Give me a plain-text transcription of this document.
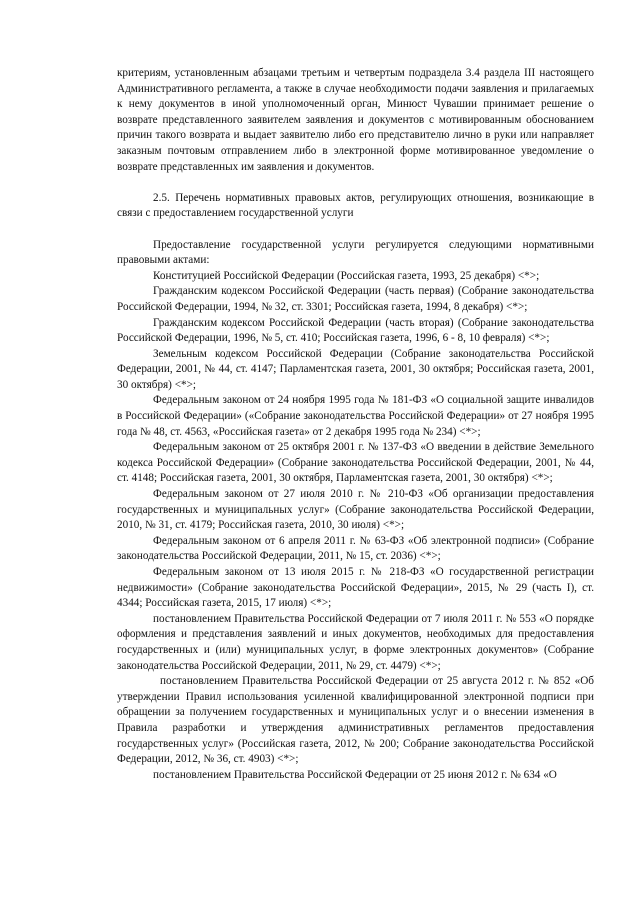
критериям, установленным абзацами третьим и четвертым подраздела 3.4 раздела III настоящего Административного регламента, а также в случае необходимости подачи заявления и прилагаемых к нему документов в иной уполномоченный орган, Минюст Чувашии принимает решение о возврате представленного заявителем заявления и документов с мотивированным обоснованием причин такого возврата и выдает заявителю либо его представителю лично в руки или направляет заказным почтовым отправлением либо в электронной форме мотивированное уведомление о возврате представленных им заявления и документов.

2.5. Перечень нормативных правовых актов, регулирующих отношения, возникающие в связи с предоставлением государственной услуги

Предоставление государственной услуги регулируется следующими нормативными правовыми актами:

Конституцией Российской Федерации (Российская газета, 1993, 25 декабря) <*>;

Гражданским кодексом Российской Федерации (часть первая) (Собрание законодательства Российской Федерации, 1994, № 32, ст. 3301; Российская газета, 1994, 8 декабря) <*>;

Гражданским кодексом Российской Федерации (часть вторая) (Собрание законодательства Российской Федерации, 1996, № 5, ст. 410; Российская газета, 1996, 6 - 8, 10 февраля) <*>;

Земельным кодексом Российской Федерации (Собрание законодательства Российской Федерации, 2001, № 44, ст. 4147; Парламентская газета, 2001, 30 октября; Российская газета, 2001, 30 октября) <*>;

Федеральным законом от 24 ноября 1995 года № 181-ФЗ «О социальной защите инвалидов в Российской Федерации» («Собрание законодательства Российской Федерации» от 27 ноября 1995 года № 48, ст. 4563, «Российская газета» от 2 декабря 1995 года № 234) <*>;

Федеральным законом от 25 октября 2001 г. № 137-ФЗ «О введении в действие Земельного кодекса Российской Федерации» (Собрание законодательства Российской Федерации, 2001, № 44, ст. 4148; Российская газета, 2001, 30 октября, Парламентская газета, 2001, 30 октября) <*>;

Федеральным законом от 27 июля 2010 г. № 210-ФЗ «Об организации предоставления государственных и муниципальных услуг» (Собрание законодательства Российской Федерации, 2010, № 31, ст. 4179; Российская газета, 2010, 30 июля) <*>;

Федеральным законом от 6 апреля 2011 г. № 63-ФЗ «Об электронной подписи» (Собрание законодательства Российской Федерации, 2011, № 15, ст. 2036) <*>;

Федеральным законом от 13 июля 2015 г. № 218-ФЗ «О государственной регистрации недвижимости» (Собрание законодательства Российской Федерации», 2015, № 29 (часть I), ст. 4344; Российская газета, 2015, 17 июля) <*>;

постановлением Правительства Российской Федерации от 7 июля 2011 г. № 553 «О порядке оформления и представления заявлений и иных документов, необходимых для предоставления государственных и (или) муниципальных услуг, в форме электронных документов» (Собрание законодательства Российской Федерации, 2011, № 29, ст. 4479) <*>;

постановлением Правительства Российской Федерации от 25 августа 2012 г. № 852 «Об утверждении Правил использования усиленной квалифицированной электронной подписи при обращении за получением государственных и муниципальных услуг и о внесении изменения в Правила разработки и утверждения административных регламентов предоставления государственных услуг» (Российская газета, 2012, № 200; Собрание законодательства Российской Федерации, 2012, № 36, ст. 4903) <*>;

постановлением Правительства Российской Федерации от 25 июня 2012 г. № 634 «О
